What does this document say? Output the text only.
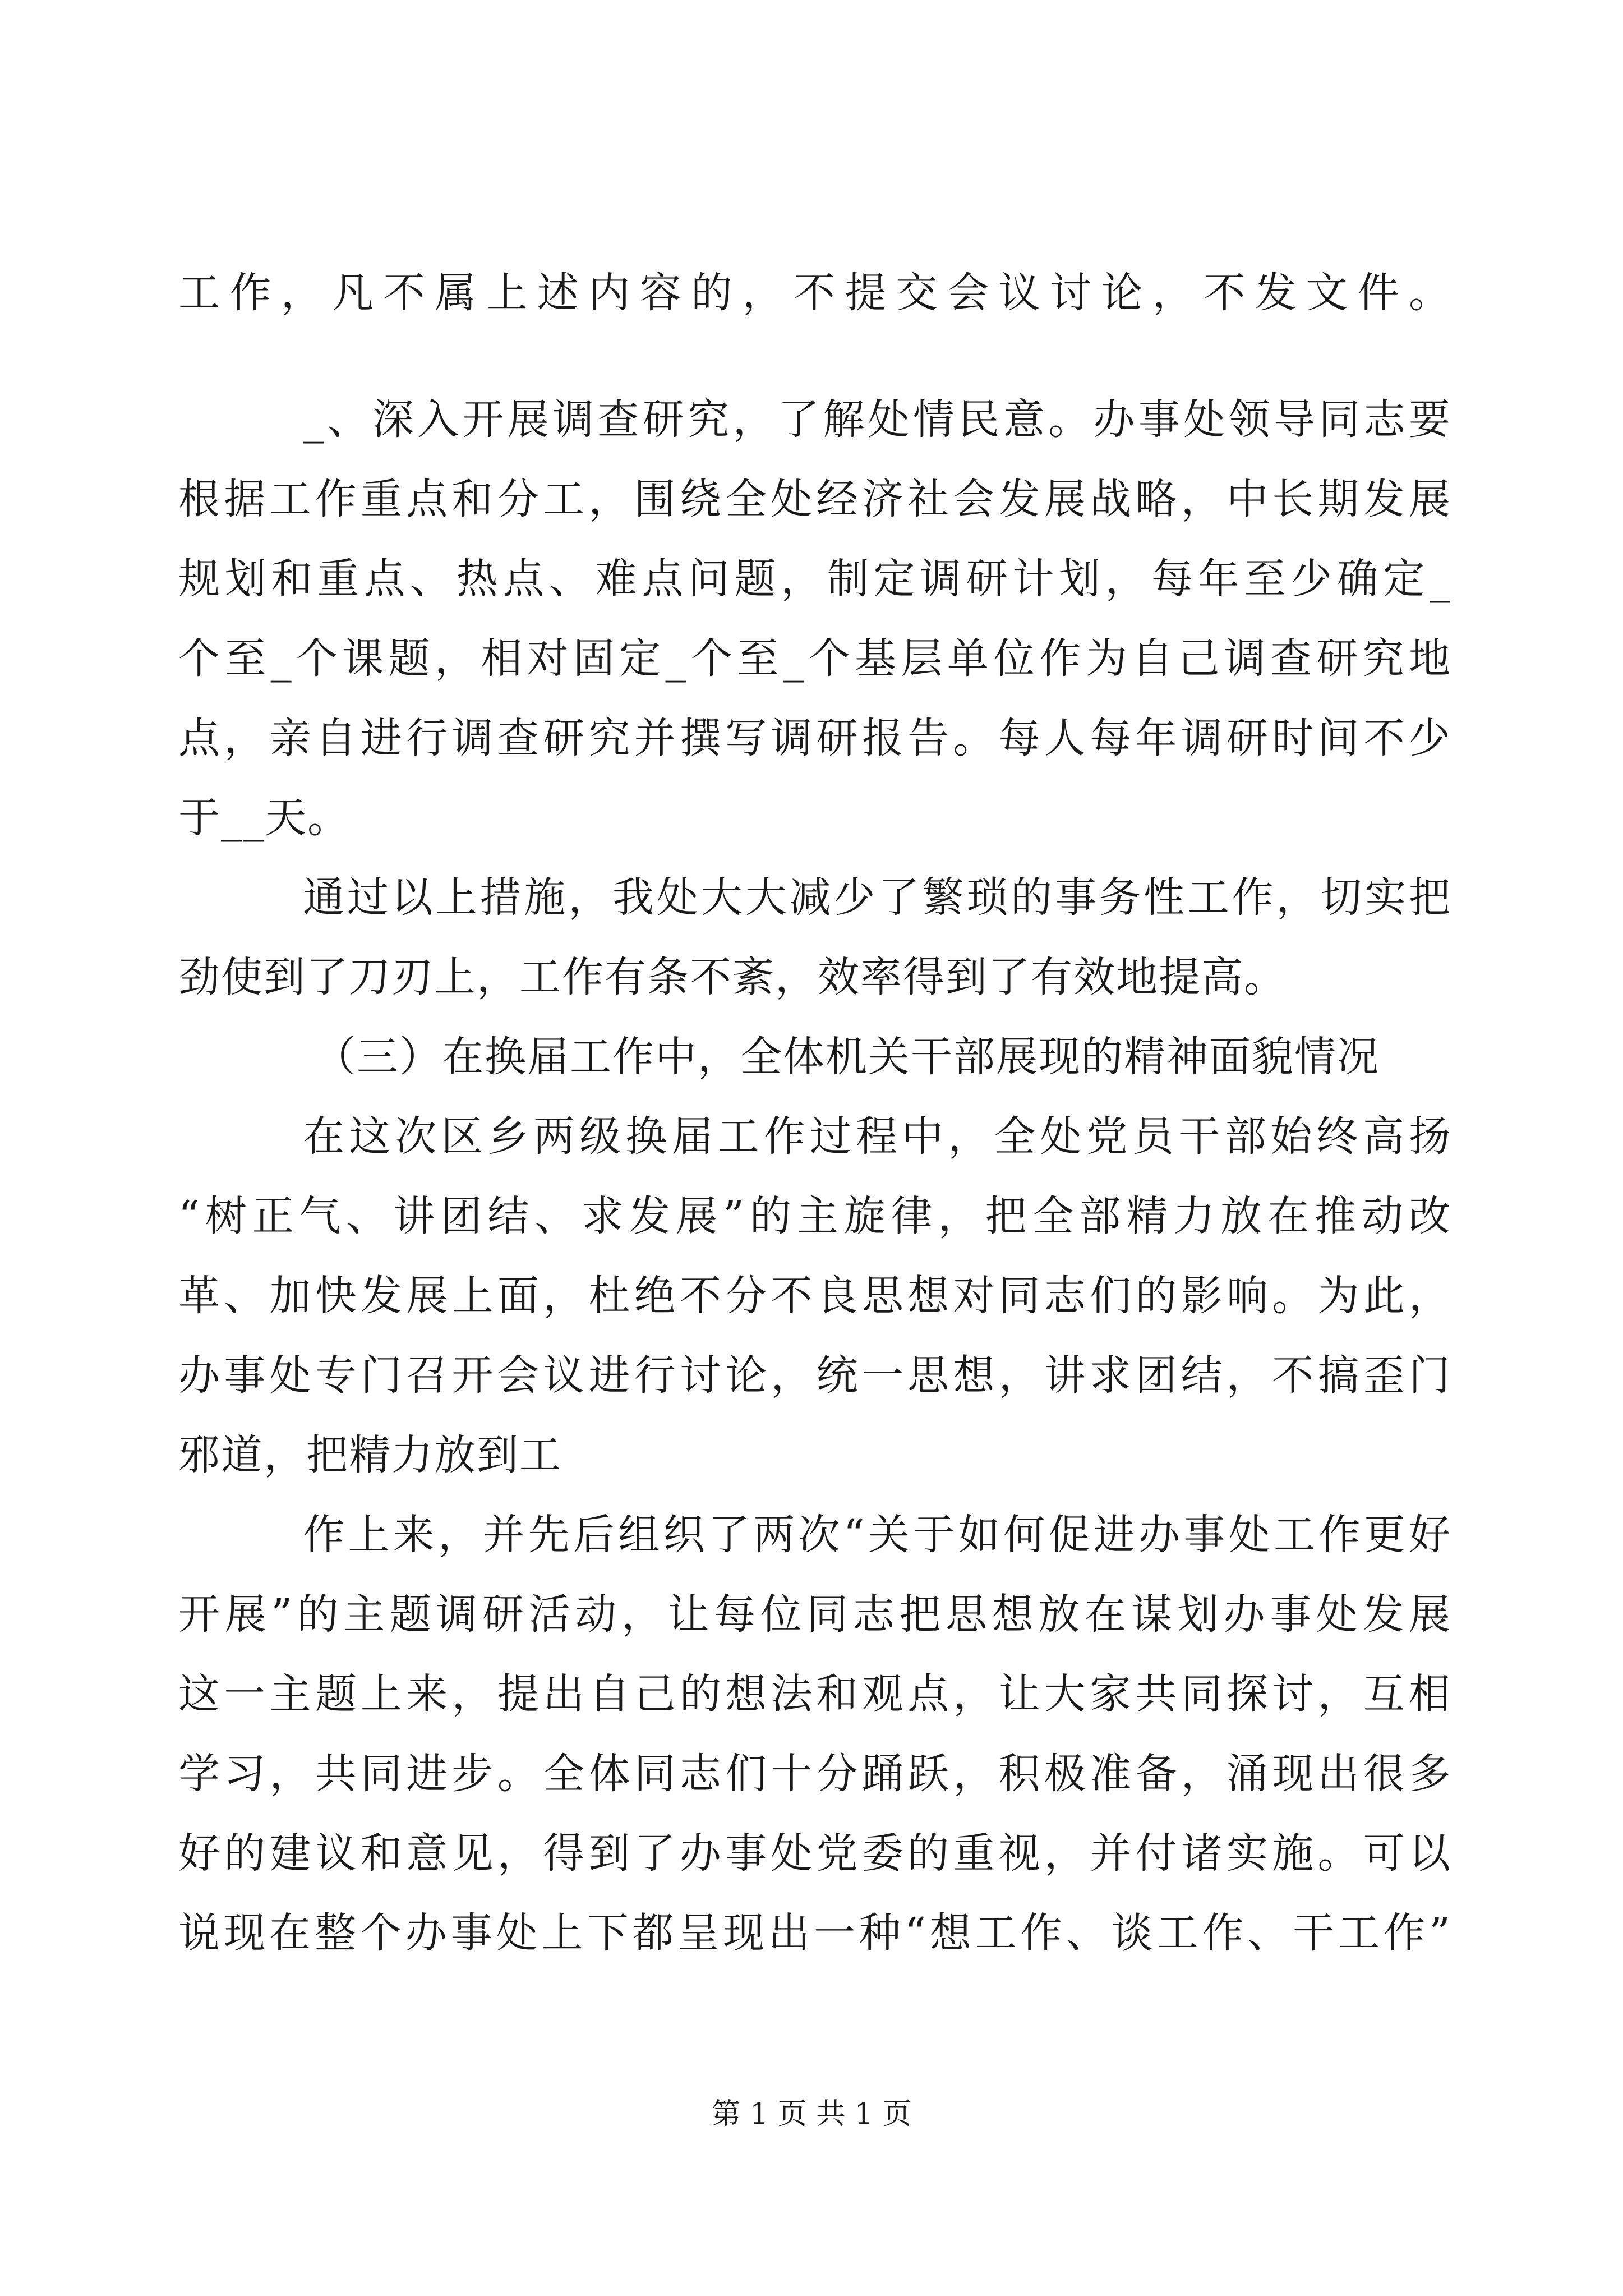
工作，凡不属上述内容的，不提交会议讨论，不发文件。
_、深入开展调查研究，了解处情民意。办事处领导同志要
根据工作重点和分工，围绕全处经济社会发展战略，中长期发展
规划和重点、热点、难点问题，制定调研计划，每年至少确定_
个至_个课题，相对固定_个至_个基层单位作为自己调查研究地
点，亲自进行调查研究并撰写调研报告。每人每年调研时间不少
于__天。
通过以上措施，我处大大减少了繁琐的事务性工作，切实把
劲使到了刀刃上，工作有条不紊，效率得到了有效地提高。
（三）在换届工作中，全体机关干部展现的精神面貌情况
在这次区乡两级换届工作过程中，全处党员干部始终高扬
“树正气、讲团结、求发展”的主旋律，把全部精力放在推动改
革、加快发展上面，杜绝不分不良思想对同志们的影响。为此，
办事处专门召开会议进行讨论，统一思想，讲求团结，不搞歪门
邪道，把精力放到工
作上来，并先后组织了两次“关于如何促进办事处工作更好
开展”的主题调研活动，让每位同志把思想放在谋划办事处发展
这一主题上来，提出自己的想法和观点，让大家共同探讨，互相
学习，共同进步。全体同志们十分踊跃，积极准备，涌现出很多
好的建议和意见，得到了办事处党委的重视，并付诸实施。可以
说现在整个办事处上下都呈现出一种“想工作、谈工作、干工作”
第 1 页 共 1 页
